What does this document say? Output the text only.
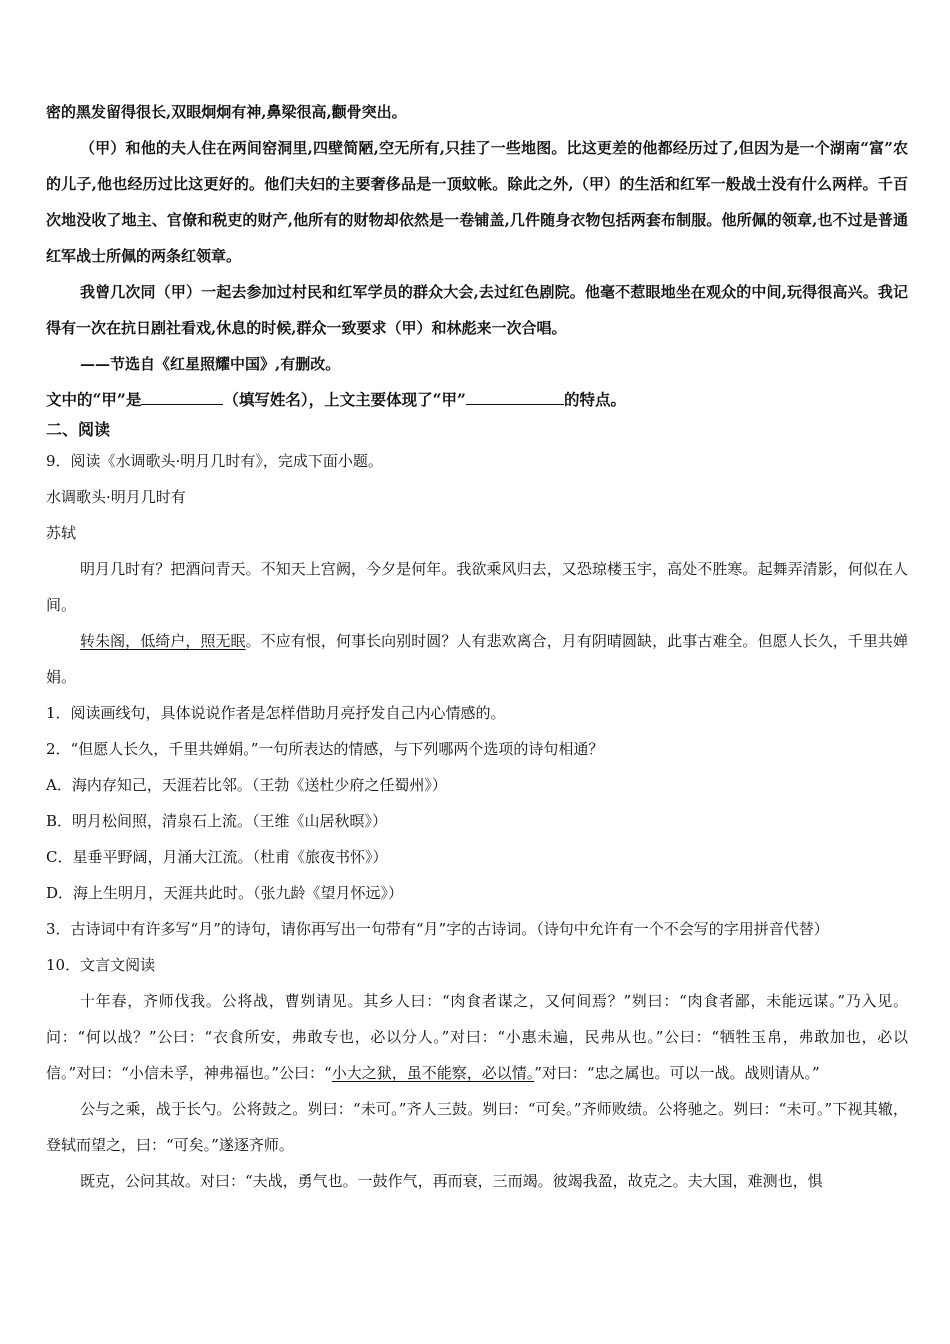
密的黑发留得很长,双眼炯炯有神,鼻梁很高,颧骨突出。

（甲）和他的夫人住在两间窑洞里,四壁简陋,空无所有,只挂了一些地图。比这更差的他都经历过了,但因为是一个湖南“富”农的儿子,他也经历过比这更好的。他们夫妇的主要奢侈品是一顶蚊帐。除此之外,（甲）的生活和红军一般战士没有什么两样。千百次地没收了地主、官僚和税吏的财产,他所有的财物却依然是一卷铺盖,几件随身衣物包括两套布制服。他所佩的领章,也不过是普通红军战士所佩的两条红领章。

我曾几次同（甲）一起去参加过村民和红军学员的群众大会,去过红色剧院。他毫不惹眼地坐在观众的中间,玩得很高兴。我记得有一次在抗日剧社看戏,休息的时候,群众一致要求（甲）和林彪来一次合唱。

——节选自《红星照耀中国》,有删改。

文中的“甲”是	（填写姓名），上文主要体现了“甲”	的特点。

二、阅读

9．阅读《水调歌头·明月几时有》，完成下面小题。

水调歌头·明月几时有

苏轼

明月几时有？把酒问青天。不知天上宫阙，今夕是何年。我欲乘风归去，又恐琼楼玉宇，高处不胜寒。起舞弄清影，何似在人间。

转朱阁，低绮户，照无眠。不应有恨，何事长向别时圆？人有悲欢离合，月有阴晴圆缺，此事古难全。但愿人长久，千里共婵娟。

1．阅读画线句，具体说说作者是怎样借助月亮抒发自己内心情感的。

2．“但愿人长久，千里共婵娟。”一句所表达的情感，与下列哪两个选项的诗句相通？

A．海内存知己，天涯若比邻。（王勃《送杜少府之任蜀州》）

B．明月松间照，清泉石上流。（王维《山居秋暝》）

C．星垂平野阔，月涌大江流。（杜甫《旅夜书怀》）

D．海上生明月，天涯共此时。（张九龄《望月怀远》）

3．古诗词中有许多写“月”的诗句，请你再写出一句带有“月”字的古诗词。（诗句中允许有一个不会写的字用拼音代替）

10．文言文阅读

十年春，齐师伐我。公将战，曹刿请见。其乡人曰：“肉食者谋之，又何间焉？”刿曰：“肉食者鄙，未能远谋。”乃入见。问：“何以战？”公曰：“衣食所安，弗敢专也，必以分人。”对曰：“小惠未遍，民弗从也。”公曰：“牺牲玉帛，弗敢加也，必以信。”对曰：“小信未孚，神弗福也。”公曰：“小大之狱，虽不能察，必以情。”对曰：“忠之属也。可以一战。战则请从。”

公与之乘，战于长勺。公将鼓之。刿曰：“未可。”齐人三鼓。刿曰：“可矣。”齐师败绩。公将驰之。刿曰：“未可。”下视其辙，登轼而望之，曰：“可矣。”遂逐齐师。

既克，公问其故。对曰：“夫战，勇气也。一鼓作气，再而衰，三而竭。彼竭我盈，故克之。夫大国，难测也，惧
